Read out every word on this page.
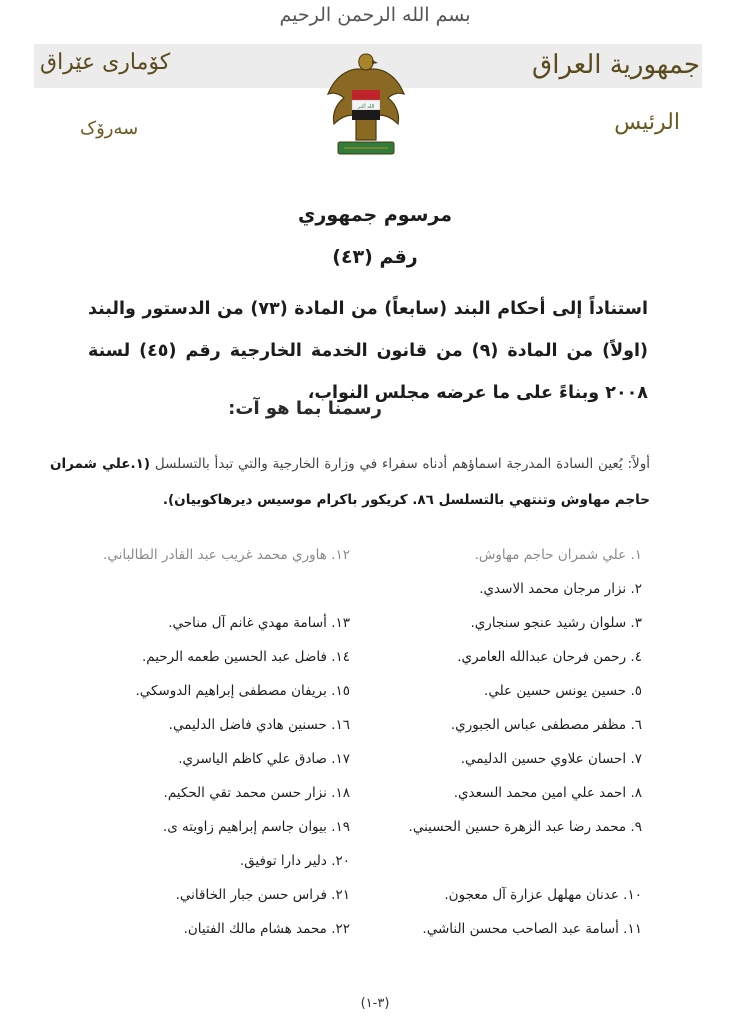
بسم الله الرحمن الرحيم
كۆماری عێراق	جمهورية العراق
سەرۆک	الرئيس
الله أكبر
مرسوم جمهوري
رقم (٤٣)
استناداً إلى أحكام البند (سابعاً) من المادة (٧٣) من الدستور والبند (اولاً) من المادة (٩) من قانون الخدمة الخارجية رقم (٤٥) لسنة ٢٠٠٨ وبناءً على ما عرضه مجلس النواب،
رسمنا بما هو آت:
أولاً: يُعين السادة المدرجة اسماؤهم أدناه سفراء في وزارة الخارجية والتي تبدأ بالتسلسل (١.علي شمران حاجم مهاوش وتنتهي بالتسلسل ٨٦. كريكور باكرام موسيس ديرهاكوبيان).
١. علي شمران حاجم مهاوش.
٢. نزار مرجان محمد الاسدي.
٣. سلوان رشيد عنجو سنجاري.
٤. رحمن فرحان عبدالله العامري.
٥. حسين يونس حسين علي.
٦. مظفر مصطفى عباس الجبوري.
٧. احسان علاوي حسين الدليمي.
٨. احمد علي امين محمد السعدي.
٩. محمد رضا عبد الزهرة حسين الحسيني.
١٠. عدنان مهلهل عزارة آل معجون.
١١. أسامة عبد الصاحب محسن الناشي.
١٢. هاوري محمد غريب عبد القادر الطالباني.
١٣. أسامة مهدي غانم آل مناحي.
١٤. فاضل عبد الحسين طعمه الرحيم.
١٥. بريفان مصطفى إبراهيم الدوسكي.
١٦. حسنين هادي فاضل الدليمي.
١٧. صادق علي كاظم الياسري.
١٨. نزار حسن محمد تقي الحكيم.
١٩. بيوان جاسم إبراهيم زاويته ى.
٢٠. دلير دارا توفيق.
٢١. فراس حسن جبار الخاقاني.
٢٢. محمد هشام مالك الفتيان.
(٣-١)
